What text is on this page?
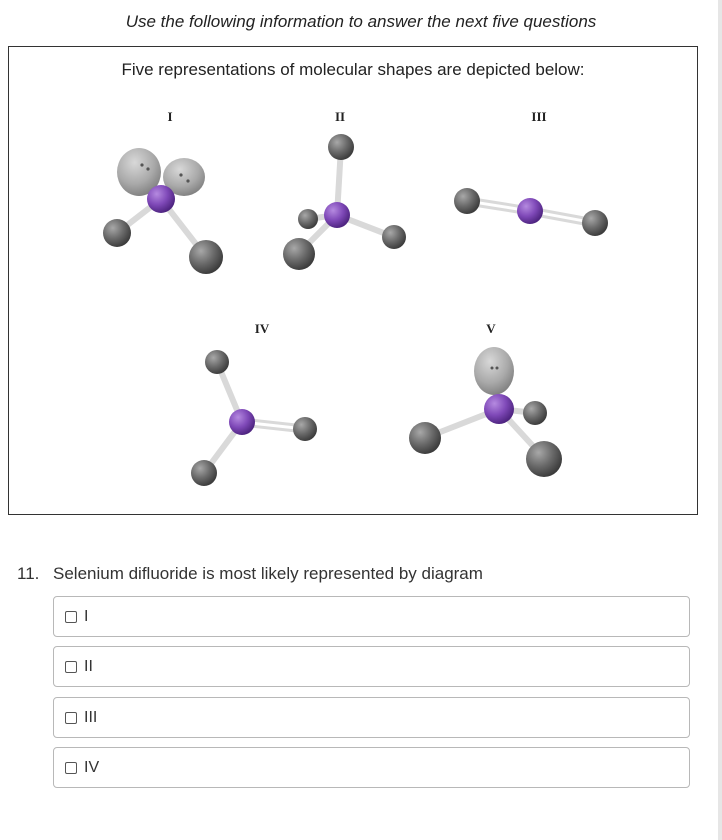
Use the following information to answer the next five questions
Five representations of molecular shapes are depicted below:
I	II	III
IV	V
11. Selenium difluoride is most likely represented by diagram
I
II
III
IV
